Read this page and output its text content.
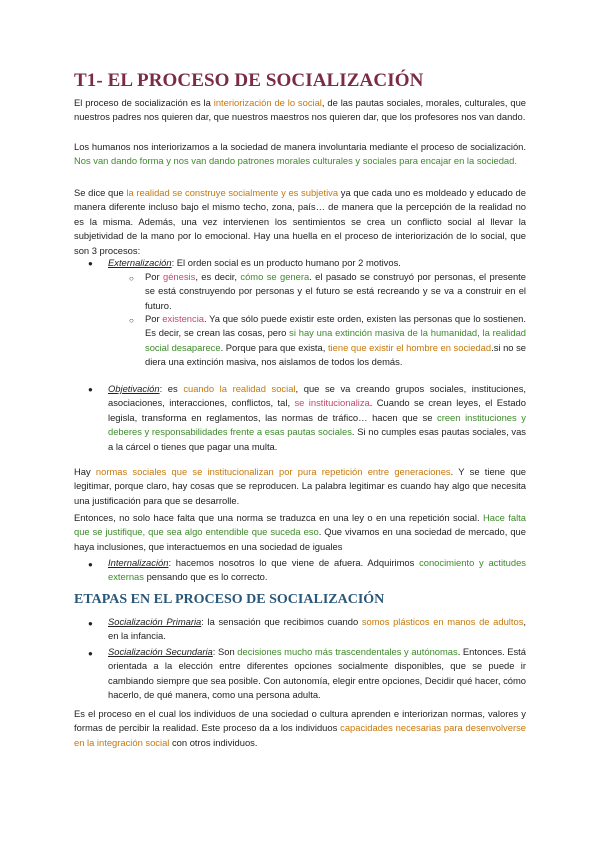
T1- EL PROCESO DE SOCIALIZACIÓN
El proceso de socialización es la interiorización de lo social, de las pautas sociales, morales, culturales, que nuestros padres nos quieren dar, que nuestros maestros nos quieren dar, que los profesores nos van dando.
Los humanos nos interiorizamos a la sociedad de manera involuntaria mediante el proceso de socialización. Nos van dando forma y nos van dando patrones morales culturales y sociales para encajar en la sociedad.
Se dice que la realidad se construye socialmente y es subjetiva ya que cada uno es moldeado y educado de manera diferente incluso bajo el mismo techo, zona, país… de manera que la percepción de la realidad no es la misma. Además, una vez intervienen los sentimientos se crea un conflicto social al llevar la subjetividad de la mano por lo emocional. Hay una huella en el proceso de interiorización de lo social, que son 3 procesos:
●	Externalización: El orden social es un producto humano por 2 motivos.
○	Por génesis, es decir, cómo se genera. el pasado se construyó por personas, el presente se está construyendo por personas y el futuro se está recreando y se va a construir en el futuro.
○	Por existencia. Ya que sólo puede existir este orden, existen las personas que lo sostienen. Es decir, se crean las cosas, pero si hay una extinción masiva de la humanidad, la realidad social desaparece. Porque para que exista, tiene que existir el hombre en sociedad.si no se diera una extinción masiva, nos aislamos de todos los demás.
●	Objetivación: es cuando la realidad social, que se va creando grupos sociales, instituciones, asociaciones, interacciones, conflictos, tal, se institucionaliza. Cuando se crean leyes, el Estado legisla, transforma en reglamentos, las normas de tráfico… hacen que se creen instituciones y deberes y responsabilidades frente a esas pautas sociales. Si no cumples esas pautas sociales, vas a la cárcel o tienes que pagar una multa.
Hay normas sociales que se institucionalizan por pura repetición entre generaciones. Y se tiene que legitimar, porque claro, hay cosas que se reproducen. La palabra legitimar es cuando hay algo que necesita una justificación para que se desarrolle.
Entonces, no solo hace falta que una norma se traduzca en una ley o en una repetición social. Hace falta que se justifique, que sea algo entendible que suceda eso. Que vivamos en una sociedad de mercado, que haya inclusiones, que interactuemos en una sociedad de iguales
●	Internalización: hacemos nosotros lo que viene de afuera. Adquirimos conocimiento y actitudes externas pensando que es lo correcto.
ETAPAS EN EL PROCESO DE SOCIALIZACIÓN
●	Socialización Primaria: la sensación que recibimos cuando somos plásticos en manos de adultos, en la infancia.
●	Socialización Secundaria: Son decisiones mucho más trascendentales y autónomas. Entonces. Está orientada a la elección entre diferentes opciones socialmente disponibles, que se puede ir cambiando siempre que sea posible. Con autonomía, elegir entre opciones, Decidir qué hacer, cómo hacerlo, de qué manera, como una persona adulta.
Es el proceso en el cual los individuos de una sociedad o cultura aprenden e interiorizan normas, valores y formas de percibir la realidad. Este proceso da a los individuos capacidades necesarias para desenvolverse en la integración social con otros individuos.
